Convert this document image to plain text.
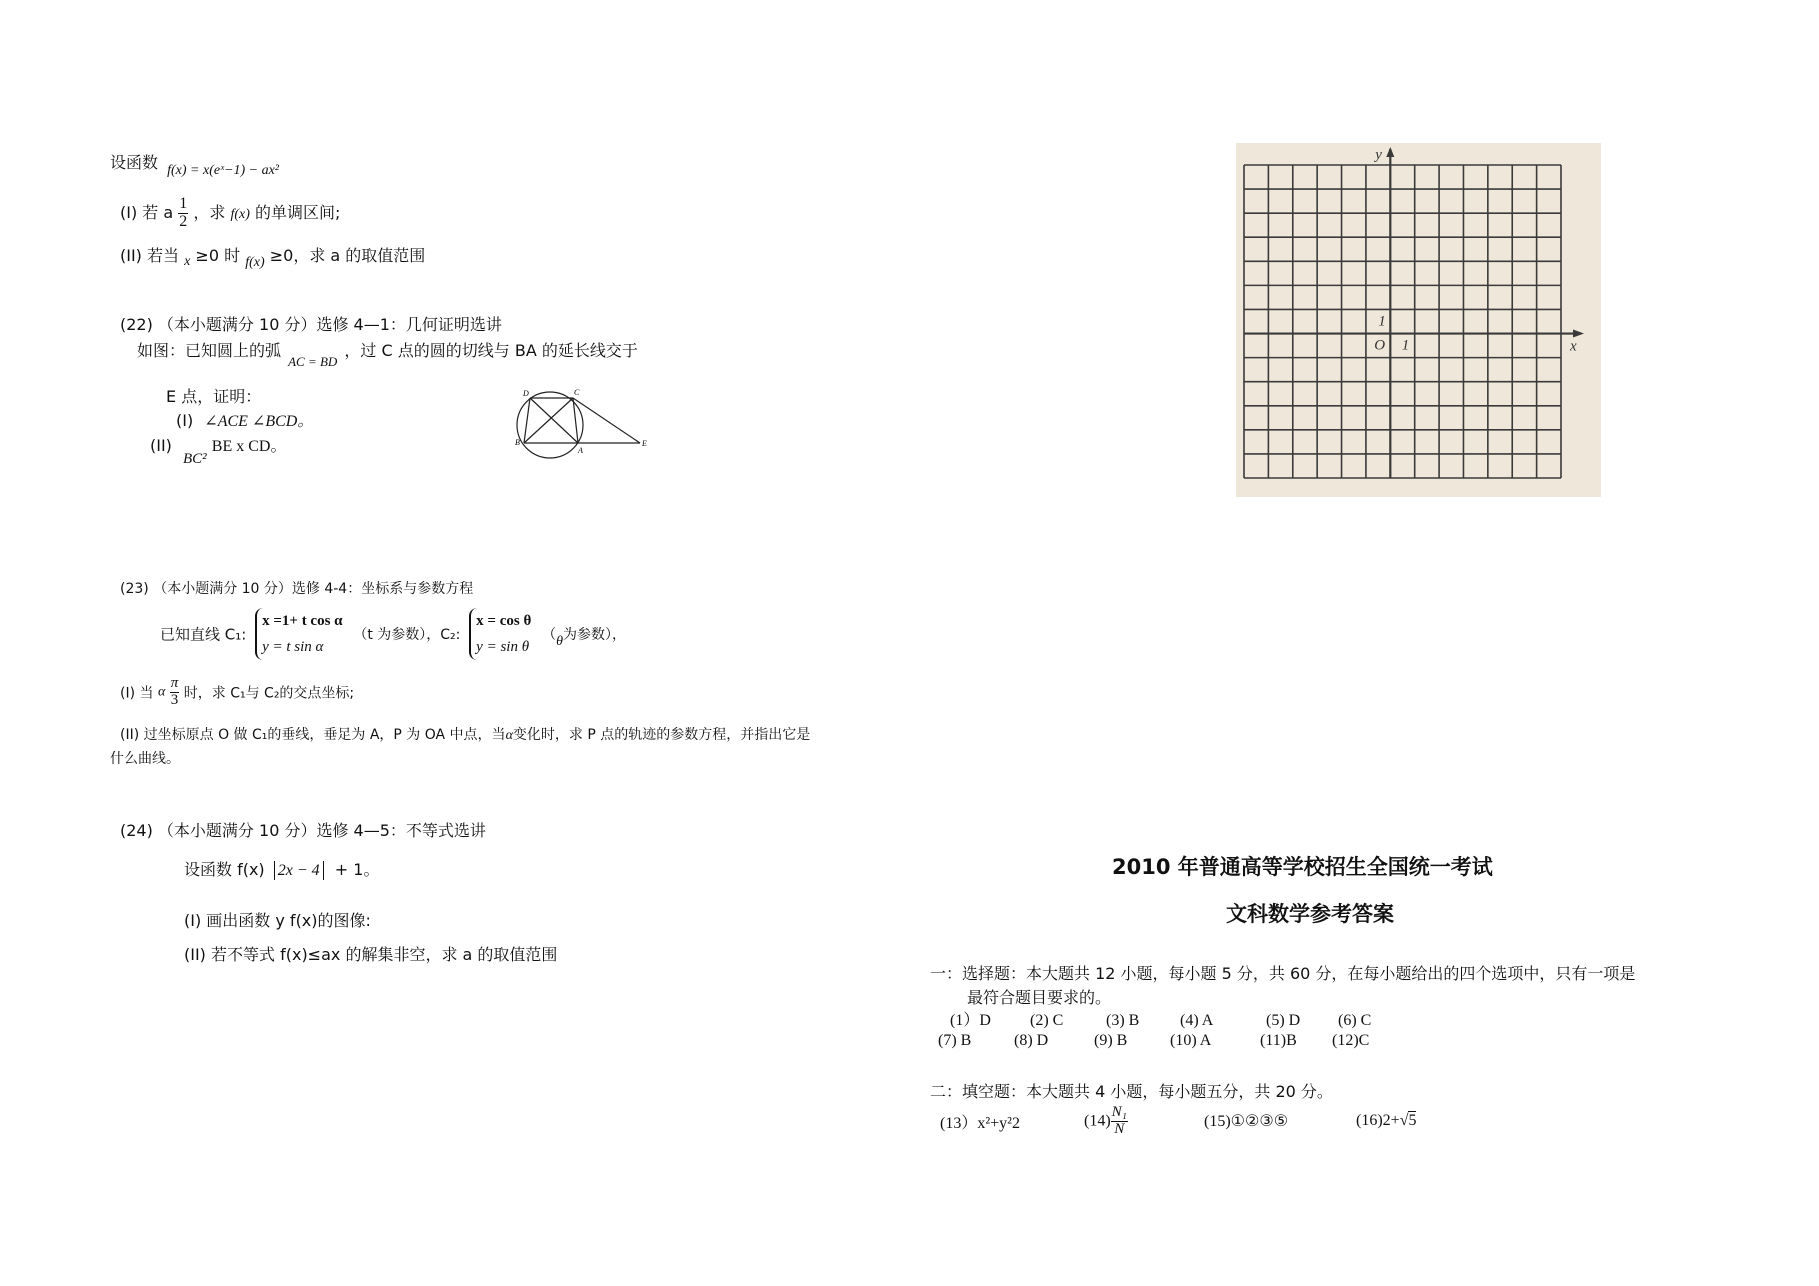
设函数 f(x) = x(eˣ−1) − ax²
(I) 若 a $\frac{1}{2}$ ，求 f(x) 的单调区间;
(II) 若当 x ≥0 时 f(x) ≥0，求 a 的取值范围
(22) （本小题满分 10 分）选修 4—1：几何证明选讲
如图：已知圆上的弧 $_{AC = BD}$ ，过 C 点的圆的切线与 BA 的延长线交于
E 点，证明：
(I) ∠ACE ∠BCD。
(II) BC² BE x CD。
D	C
B
A
E
(23) （本小题满分 10 分）选修 4-4：坐标系与参数方程
已知直线 C₁:
x =1+ t cos α
y = t sin α
（t 为参数），C₂:
x = cos θ
y = sin θ
（θ为参数），
(I) 当 α $\frac{\pi}{3}$ 时，求 C₁与 C₂的交点坐标;
(II) 过坐标原点 O 做 C₁的垂线，垂足为 A，P 为 OA 中点，当α变化时，求 P 点的轨迹的参数方程，并指出它是
什么曲线。
(24) （本小题满分 10 分）选修 4—5：不等式选讲
设函数 f(x) 2x − 4 + 1。
(I) 画出函数 y f(x)的图像:
(II) 若不等式 f(x)≤ax 的解集非空，求 a 的取值范围
y
x
O 1
1
2010 年普通高等学校招生全国统一考试
文科数学参考答案
一：选择题：本大题共 12 小题，每小题 5 分，共 60 分，在每小题给出的四个选项中，只有一项是
最符合题目要求的。
(1）D (2) C	(3) B	(4) A	(5) D (6) C
(7) B	(8) D	(9) B	(10) A	(11)B (12)C
二：填空题：本大题共 4 小题，每小题五分，共 20 分。
(13）x²+y²2	$(14) \frac{\text{N₁}}{N}$	(15)①②③⑤	(16)2+√5
